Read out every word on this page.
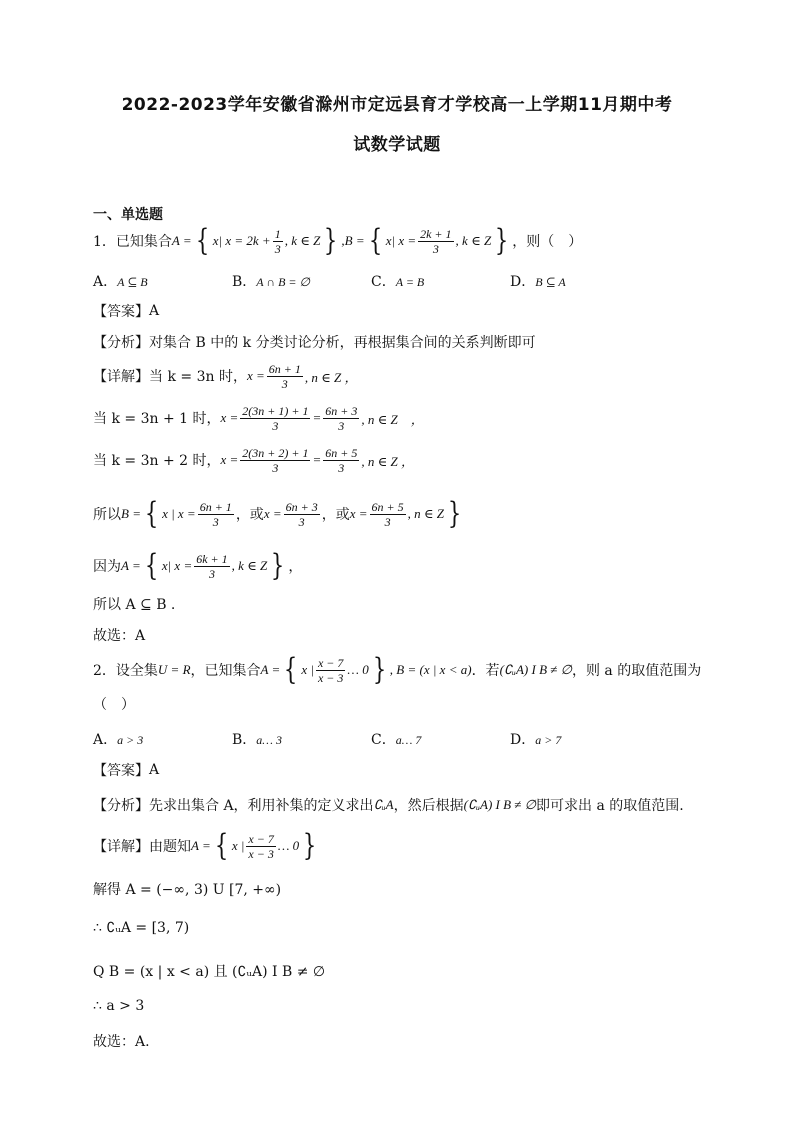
2022-2023学年安徽省滁州市定远县育才学校高一上学期11月期中考
试数学试题
一、单选题
1．已知集合 A = { x| $x = 2k + \frac{1}{3}$ , k ∈ Z } , B = { x| $x = \frac{2k + 1}{3}$ , k ∈ Z } ，则（　）
A．A ⊆ B	B．A ∩ B = ∅	C．A = B	D．B ⊆ A
【答案】 A
【分析】 对集合 B 中的 k 分类讨论分析，再根据集合间的关系判断即可
【详解】 当 k = 3n 时， $x = \frac{6n + 1}{3}$ , n ∈ Z ，
当 k = 3n + 1 时， $x = \frac{2(3n + 1) + 1}{3} = \frac{6n + 3}{3}$ , n ∈ Z　，
当 k = 3n + 2 时， $x = \frac{2(3n + 2) + 1}{3} = \frac{6n + 5}{3}$ , n ∈ Z ，
所以 B = { x | $x = \frac{6n + 1}{3}$ ，或 $x = \frac{6n + 3}{3}$ ，或 $x = \frac{6n + 5}{3}$ , n ∈ Z }
因为 A = { x| $x = \frac{6k + 1}{3}$ , k ∈ Z } ，
所以 A ⊆ B .
故选：A
2．设全集 U = R ，已知集合 A = { x | $\frac{x - 7}{x - 3}$ … 0 } , B = (x | x < a) ．若 (∁ᵤA) I B ≠ ∅ ，则 a 的取值范围为
（　）
A．a > 3	B．a… 3	C．a… 7	D．a > 7
【答案】 A
【分析】 先求出集合 A，利用补集的定义求出 ∁ᵤA ，然后根据 (∁ᵤA) I B ≠ ∅ 即可求出 a 的取值范围.
【详解】 由题知 A = { x | $\frac{x - 7}{x - 3}$ … 0 }
解得 A = (−∞, 3) U [7, +∞)
∴ ∁ᵤA = [3, 7)
Q B = (x | x < a) 且 (∁ᵤA) I B ≠ ∅
∴ a > 3
故选：A.
